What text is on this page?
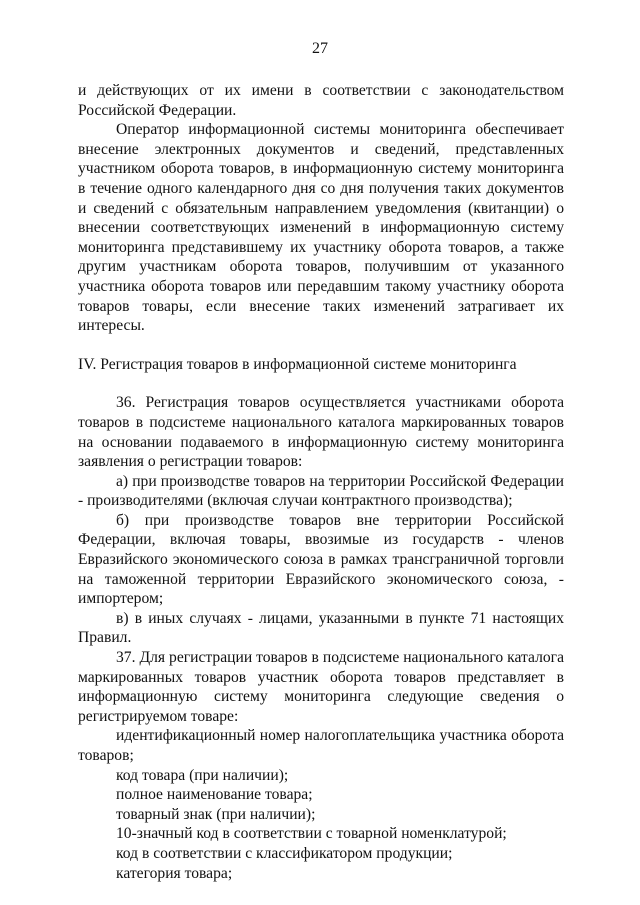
27

и действующих от их имени в соответствии с законодательством Российской Федерации.

Оператор информационной системы мониторинга обеспечивает внесение электронных документов и сведений, представленных участником оборота товаров, в информационную систему мониторинга в течение одного календарного дня со дня получения таких документов и сведений с обязательным направлением уведомления (квитанции) о внесении соответствующих изменений в информационную систему мониторинга представившему их участнику оборота товаров, а также другим участникам оборота товаров, получившим от указанного участника оборота товаров или передавшим такому участнику оборота товаров товары, если внесение таких изменений затрагивает их интересы.

IV. Регистрация товаров в информационной системе мониторинга

36. Регистрация товаров осуществляется участниками оборота товаров в подсистеме национального каталога маркированных товаров на основании подаваемого в информационную систему мониторинга заявления о регистрации товаров:

а) при производстве товаров на территории Российской Федерации - производителями (включая случаи контрактного производства);

б) при производстве товаров вне территории Российской Федерации, включая товары, ввозимые из государств - членов Евразийского экономического союза в рамках трансграничной торговли на таможенной территории Евразийского экономического союза, - импортером;

в) в иных случаях - лицами, указанными в пункте 71 настоящих Правил.

37. Для регистрации товаров в подсистеме национального каталога маркированных товаров участник оборота товаров представляет в информационную систему мониторинга следующие сведения о регистрируемом товаре:

идентификационный номер налогоплательщика участника оборота товаров;

код товара (при наличии);

полное наименование товара;

товарный знак (при наличии);

10-значный код в соответствии с товарной номенклатурой;

код в соответствии с классификатором продукции;

категория товара;
